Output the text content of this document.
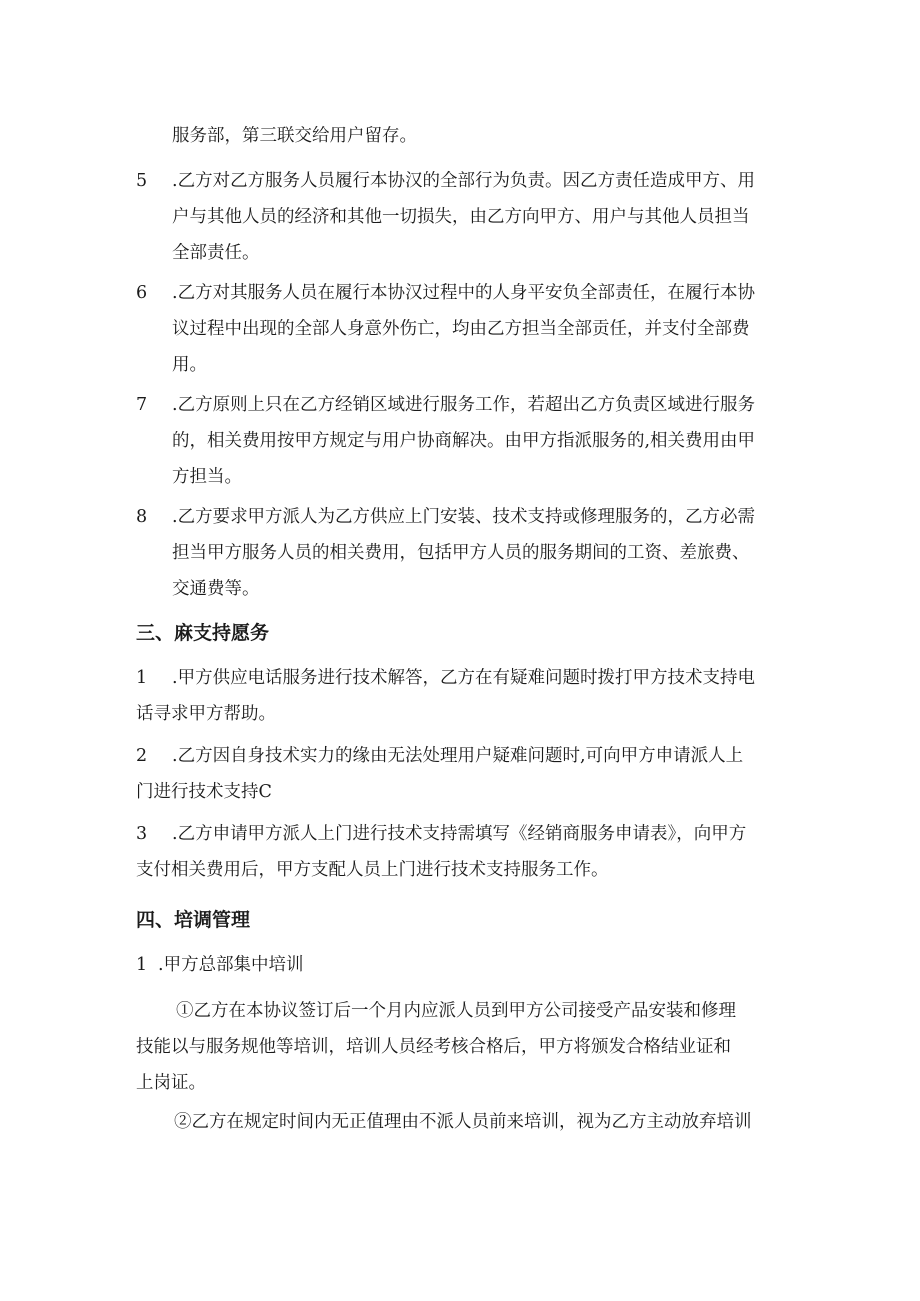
服务部，第三联交给用户留存。
5 .乙方对乙方服务人员履行本协汉的全部行为负责。因乙方责任造成甲方、用
户与其他人员的经济和其他一切损失，由乙方向甲方、用户与其他人员担当
全部责任。
6 .乙方对其服务人员在履行本协汉过程中的人身平安负全部责任，在履行本协
议过程中出现的全部人身意外伤亡，均由乙方担当全部贡任，并支付全部费
用。
7 .乙方原则上只在乙方经销区域进行服务工作，若超出乙方负责区域进行服务
的，相关费用按甲方规定与用户协商解决。由甲方指派服务的,相关费用由甲
方担当。
8 .乙方要求甲方派人为乙方供应上门安装、技术支持或修理服务的，乙方必需
担当甲方服务人员的相关费用，包括甲方人员的服务期间的工资、差旅费、
交通费等。
三、麻支持愿务
1 .甲方供应电话服务进行技术解答，乙方在有疑难问题时拨打甲方技术支持电
话寻求甲方帮助。
2 .乙方因自身技术实力的缘由无法处理用户疑难问题时,可向甲方申请派人上
门进行技术支持C
3 .乙方申请甲方派人上门进行技术支持需填写《经销商服务申请表》，向甲方
支付相关费用后，甲方支配人员上门进行技术支持服务工作。
四、培调管理
1 .甲方总部集中培训
①乙方在本协议签订后一个月内应派人员到甲方公司接受产品安装和修理
技能以与服务规他等培训，培训人员经考核合格后，甲方将颁发合格结业证和
上岗证。
②乙方在规定时间内无正值理由不派人员前来培训，视为乙方主动放弃培训
